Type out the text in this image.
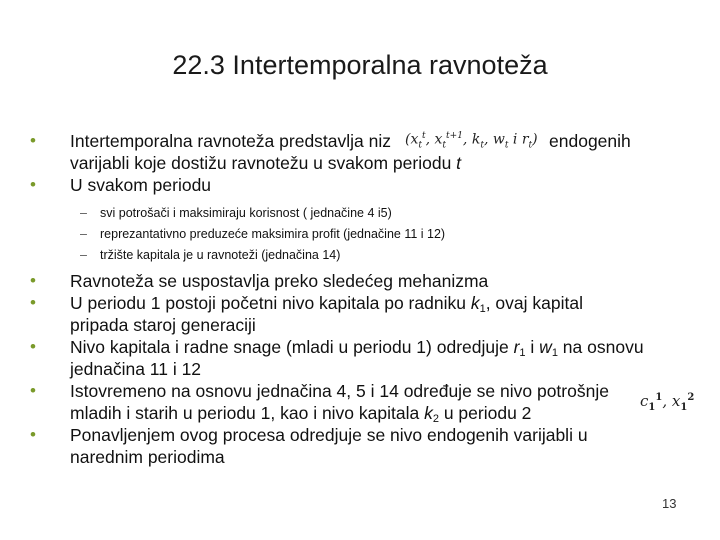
22.3 Intertemporalna ravnoteža
($x_t^t$, $x_t^{t+1}$, $k_t$, $w_t$ i $r_t$)
• Intertemporalna ravnoteža predstavlja niz	endogenih
varijabli koje dostižu ravnotežu u svakom periodu t
• U svakom periodu
– svi potrošači i maksimiraju korisnost ( jednačine 4 i5)
– reprezantativno preduzeće maksimira profit (jednačine 11 i 12)
– tržište kapitala je u ravnoteži (jednačina 14)
• Ravnoteža se uspostavlja preko sledećeg mehanizma
• U periodu 1 postoji početni nivo kapitala po radniku $k_1$, ovaj kapital
pripada staroj generaciji
• Nivo kapitala i radne snage (mladi u periodu 1) odredjuje $r_1$ i $w_1$ na osnovu
jednačina 11 i 12
• Istovremeno na osnovu jednačina 4, 5 i 14 određuje se nivo potrošnje
mladih i starih u periodu 1, kao i nivo kapitala $k_2$ u periodu 2
• Ponavljenjem ovog procesa odredjuje se nivo endogenih varijabli u
narednim periodima
$c_1^1$, $x_1^2$
13
